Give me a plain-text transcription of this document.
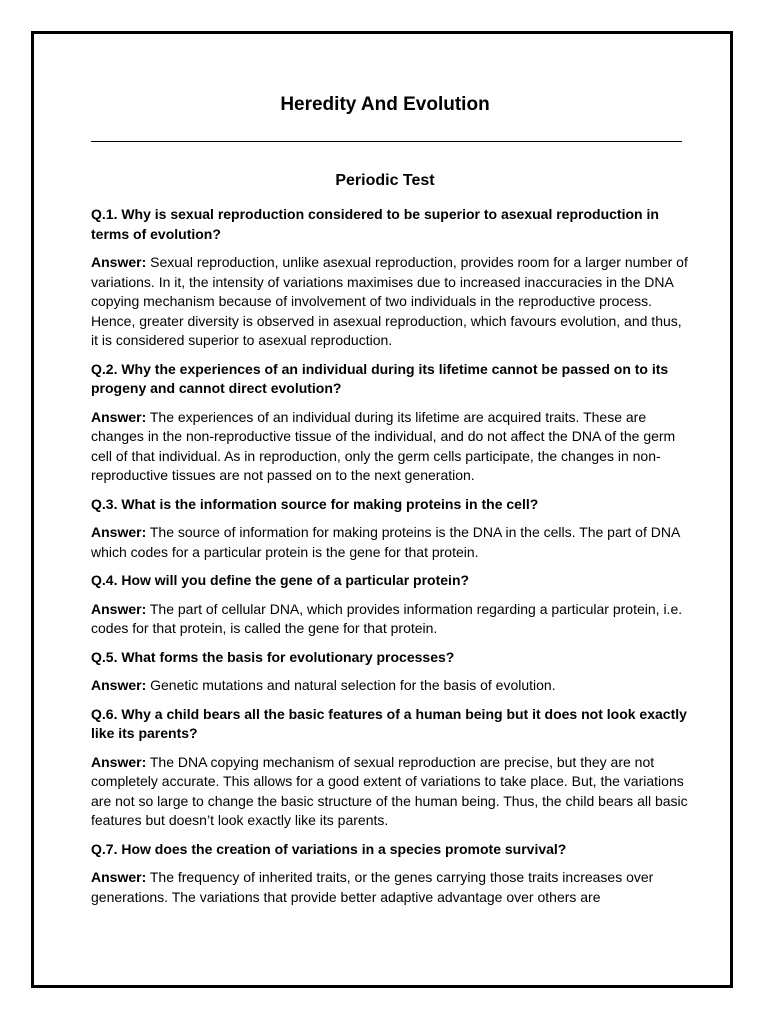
Heredity And Evolution
Periodic Test

Q.1. Why is sexual reproduction considered to be superior to asexual reproduction in terms of evolution?

Answer: Sexual reproduction, unlike asexual reproduction, provides room for a larger number of variations. In it, the intensity of variations maximises due to increased inaccuracies in the DNA copying mechanism because of involvement of two individuals in the reproductive process. Hence, greater diversity is observed in asexual reproduction, which favours evolution, and thus, it is considered superior to asexual reproduction.

Q.2. Why the experiences of an individual during its lifetime cannot be passed on to its progeny and cannot direct evolution?

Answer: The experiences of an individual during its lifetime are acquired traits. These are changes in the non-reproductive tissue of the individual, and do not affect the DNA of the germ cell of that individual. As in reproduction, only the germ cells participate, the changes in non-reproductive tissues are not passed on to the next generation.

Q.3. What is the information source for making proteins in the cell?

Answer: The source of information for making proteins is the DNA in the cells. The part of DNA which codes for a particular protein is the gene for that protein.

Q.4. How will you define the gene of a particular protein?

Answer: The part of cellular DNA, which provides information regarding a particular protein, i.e. codes for that protein, is called the gene for that protein.

Q.5. What forms the basis for evolutionary processes?

Answer: Genetic mutations and natural selection for the basis of evolution.

Q.6. Why a child bears all the basic features of a human being but it does not look exactly like its parents?

Answer: The DNA copying mechanism of sexual reproduction are precise, but they are not completely accurate. This allows for a good extent of variations to take place. But, the variations are not so large to change the basic structure of the human being. Thus, the child bears all basic features but doesn’t look exactly like its parents.

Q.7. How does the creation of variations in a species promote survival?

Answer: The frequency of inherited traits, or the genes carrying those traits increases over generations. The variations that provide better adaptive advantage over others are
